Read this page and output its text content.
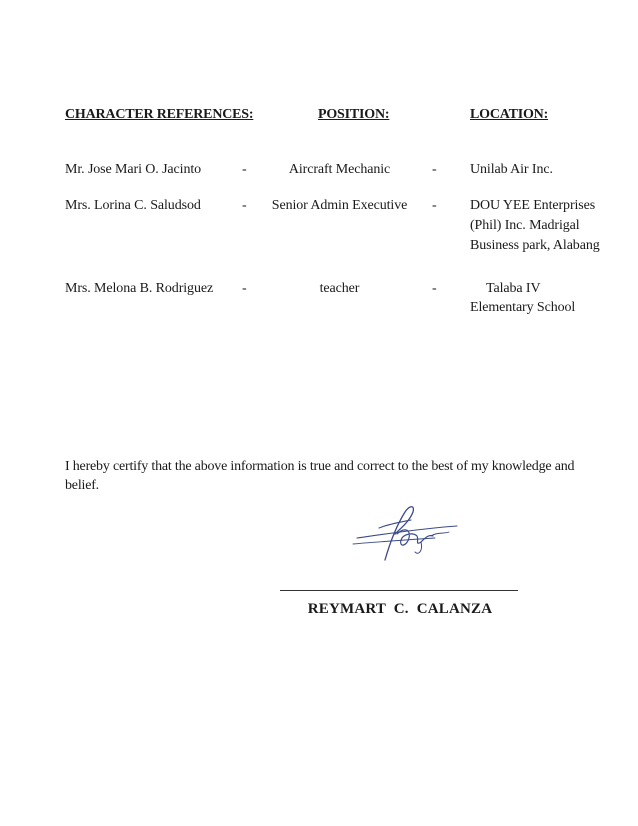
CHARACTER REFERENCES:	POSITION:	LOCATION:
Mr. Jose Mari O. Jacinto	-	Aircraft Mechanic	- Unilab Air Inc.
Mrs. Lorina C. Saludsod	-	Senior Admin Executive	- DOU YEE Enterprises
(Phil) Inc. Madrigal
Business park, Alabang
Mrs. Melona B. Rodriguez -	teacher	-	Talaba IV
Elementary School
I hereby certify that the above information is true and correct to the best of my knowledge and belief.
REYMART C. CALANZA
